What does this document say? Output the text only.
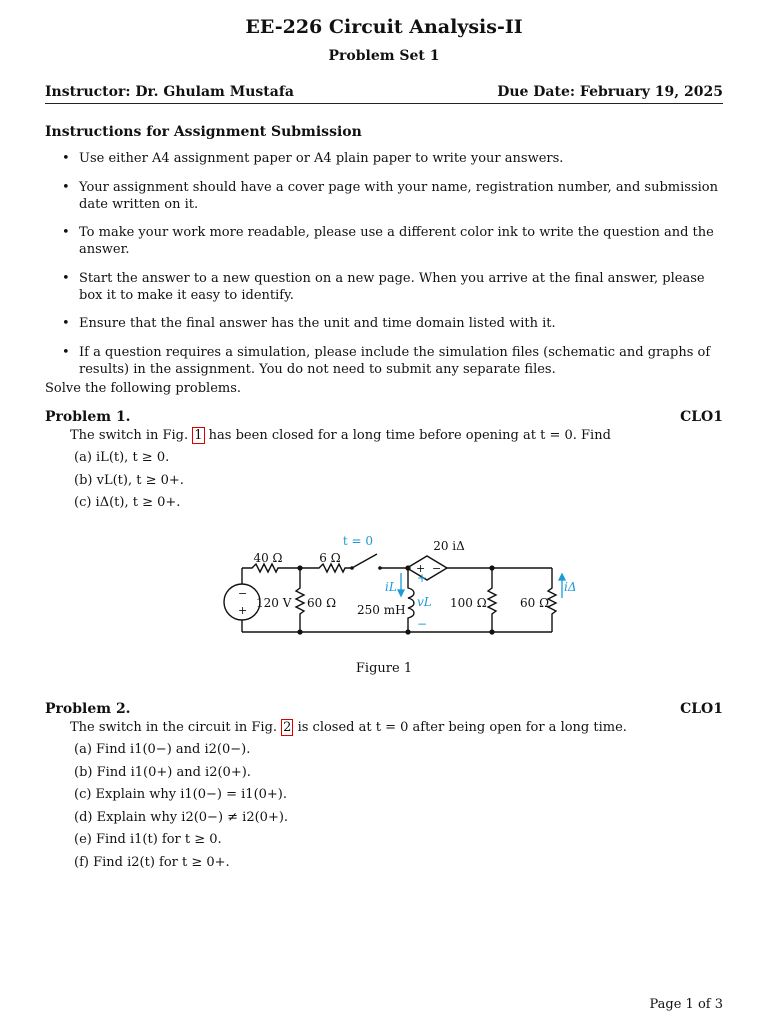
EE-226 Circuit Analysis-II
Problem Set 1
Instructor: Dr. Ghulam Mustafa	Due Date: February 19, 2025
Instructions for Assignment Submission
• Use either A4 assignment paper or A4 plain paper to write your answers.
• Your assignment should have a cover page with your name, registration number, and submission date written on it.
• To make your work more readable, please use a different color ink to write the question and the answer.
• Start the answer to a new question on a new page. When you arrive at the final answer, please box it to make it easy to identify.
• Ensure that the final answer has the unit and time domain listed with it.
• If a question requires a simulation, please include the simulation files (schematic and graphs of results) in the assignment. You do not need to submit any separate files.
Solve the following problems.
Problem 1.	CLO1
The switch in Fig. 1 has been closed for a long time before opening at t = 0. Find
(a) iL(t), t ≥ 0.
(b) vL(t), t ≥ 0+.
(c) iΔ(t), t ≥ 0+.
40 Ω	6 Ω
t = 0	20 iΔ
120 V 60 Ω 250 mH	100 Ω	60 Ω
iL
vL
iΔ
+
−
+ −
−
+
Figure 1
Problem 2.	CLO1
The switch in the circuit in Fig. 2 is closed at t = 0 after being open for a long time.
(a) Find i1(0−) and i2(0−).
(b) Find i1(0+) and i2(0+).
(c) Explain why i1(0−) = i1(0+).
(d) Explain why i2(0−) ≠ i2(0+).
(e) Find i1(t) for t ≥ 0.
(f) Find i2(t) for t ≥ 0+.
Page 1 of 3
